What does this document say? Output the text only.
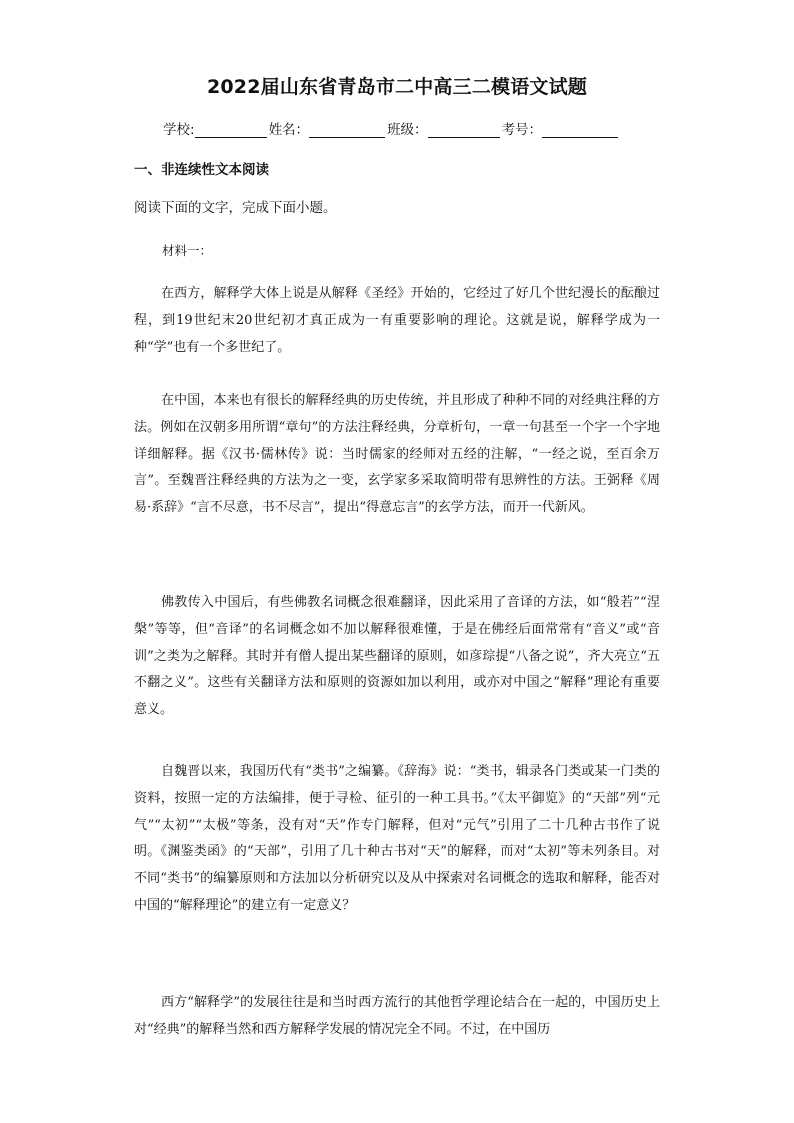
2022届山东省青岛市二中高三二模语文试题
学校:	姓名：	班级：	考号：
一、非连续性文本阅读
阅读下面的文字，完成下面小题。
材料一：

在西方，解释学大体上说是从解释《圣经》开始的，它经过了好几个世纪漫长的酝酿过程，到19世纪末20世纪初才真正成为一有重要影响的理论。这就是说，解释学成为一种“学”也有一个多世纪了。

在中国，本来也有很长的解释经典的历史传统，并且形成了种种不同的对经典注释的方法。例如在汉朝多用所谓“章句”的方法注释经典，分章析句，一章一句甚至一个字一个字地详细解释。据《汉书·儒林传》说：当时儒家的经师对五经的注解，“一经之说，至百余万言”。至魏晋注释经典的方法为之一变，玄学家多采取简明带有思辨性的方法。王弼释《周易·系辞》“言不尽意，书不尽言”，提出“得意忘言”的玄学方法，而开一代新风。

佛教传入中国后，有些佛教名词概念很难翻译，因此采用了音译的方法，如“般若”“涅槃”等等，但“音译”的名词概念如不加以解释很难懂，于是在佛经后面常常有“音义”或“音训”之类为之解释。其时并有僧人提出某些翻译的原则，如彦琮提“八备之说”，齐大亮立“五不翻之义”。这些有关翻译方法和原则的资源如加以利用，或亦对中国之“解释”理论有重要意义。

自魏晋以来，我国历代有“类书”之编纂。《辞海》说：“类书，辑录各门类或某一门类的资料，按照一定的方法编排，便于寻检、征引的一种工具书。”《太平御览》的“天部”列“元气”“太初”“太极”等条，没有对“天”作专门解释，但对“元气”引用了二十几种古书作了说明。《渊鉴类函》的“天部”，引用了几十种古书对“天”的解释，而对“太初”等未列条目。对不同“类书”的编纂原则和方法加以分析研究以及从中探索对名词概念的选取和解释，能否对中国的“解释理论”的建立有一定意义？

西方“解释学”的发展往往是和当时西方流行的其他哲学理论结合在一起的，中国历史上对“经典”的解释当然和西方解释学发展的情况完全不同。不过，在中国历
